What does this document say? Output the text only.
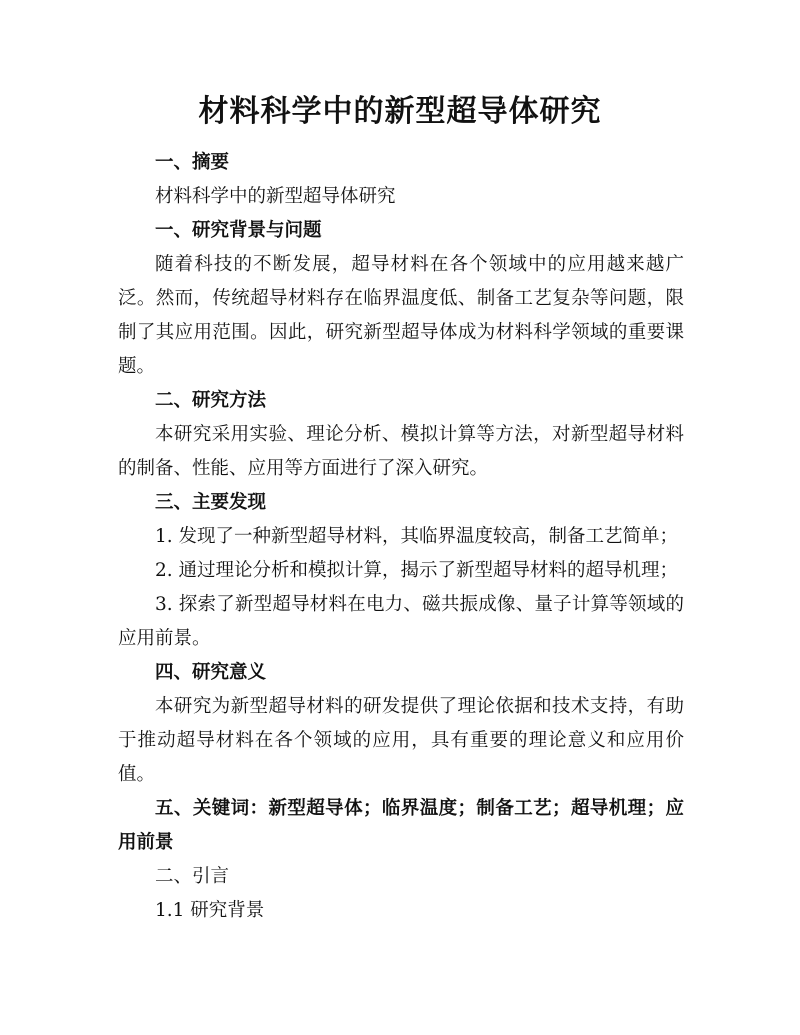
材料科学中的新型超导体研究

一、摘要

材料科学中的新型超导体研究

一、研究背景与问题

随着科技的不断发展，超导材料在各个领域中的应用越来越广泛。然而，传统超导材料存在临界温度低、制备工艺复杂等问题，限制了其应用范围。因此，研究新型超导体成为材料科学领域的重要课题。

二、研究方法

本研究采用实验、理论分析、模拟计算等方法，对新型超导材料的制备、性能、应用等方面进行了深入研究。

三、主要发现

1. 发现了一种新型超导材料，其临界温度较高，制备工艺简单；

2. 通过理论分析和模拟计算，揭示了新型超导材料的超导机理；

3. 探索了新型超导材料在电力、磁共振成像、量子计算等领域的应用前景。

四、研究意义

本研究为新型超导材料的研发提供了理论依据和技术支持，有助于推动超导材料在各个领域的应用，具有重要的理论意义和应用价值。

五、关键词：新型超导体；临界温度；制备工艺；超导机理；应用前景

二、引言

1.1 研究背景
